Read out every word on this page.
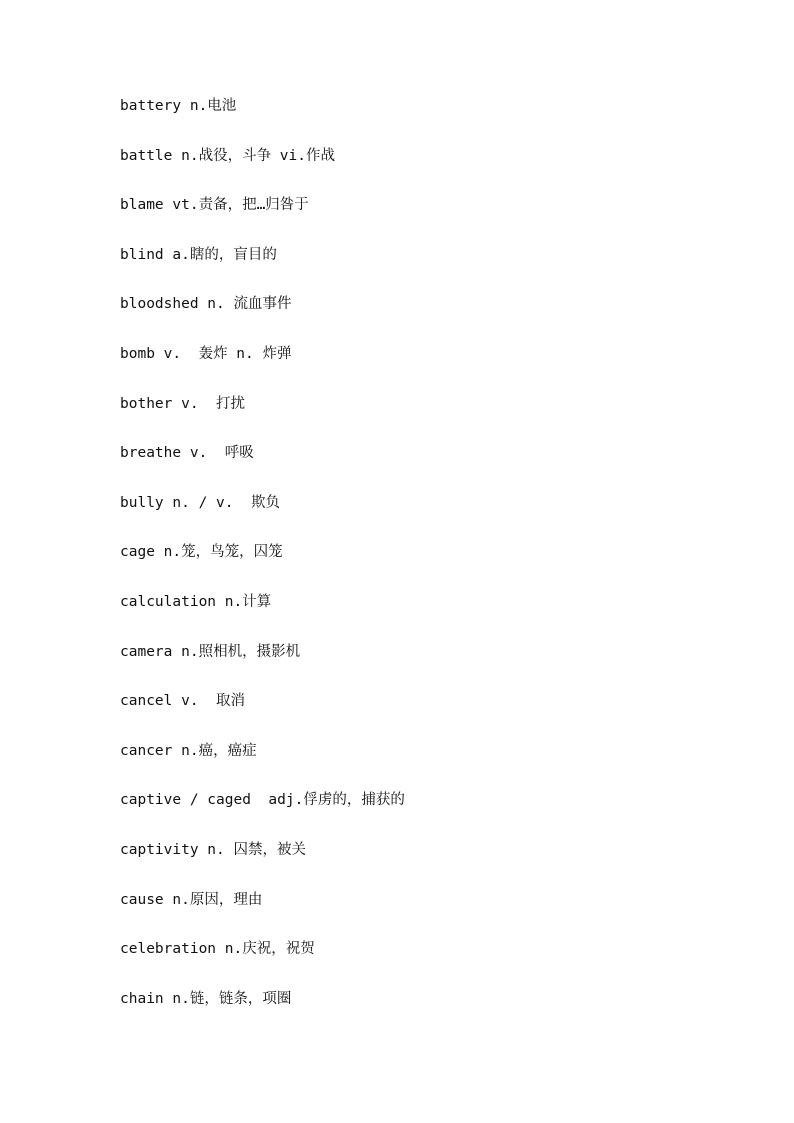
battery n.电池
battle n.战役，斗争 vi.作战
blame vt.责备，把…归咎于
blind a.瞎的，盲目的
bloodshed n. 流血事件
bomb v.  轰炸 n. 炸弹
bother v.  打扰
breathe v.  呼吸
bully n. / v.  欺负
cage n.笼，鸟笼，囚笼
calculation n.计算
camera n.照相机，摄影机
cancel v.  取消
cancer n.癌，癌症
captive / caged  adj.俘虏的，捕获的
captivity n. 囚禁，被关
cause n.原因，理由
celebration n.庆祝，祝贺
chain n.链，链条，项圈
